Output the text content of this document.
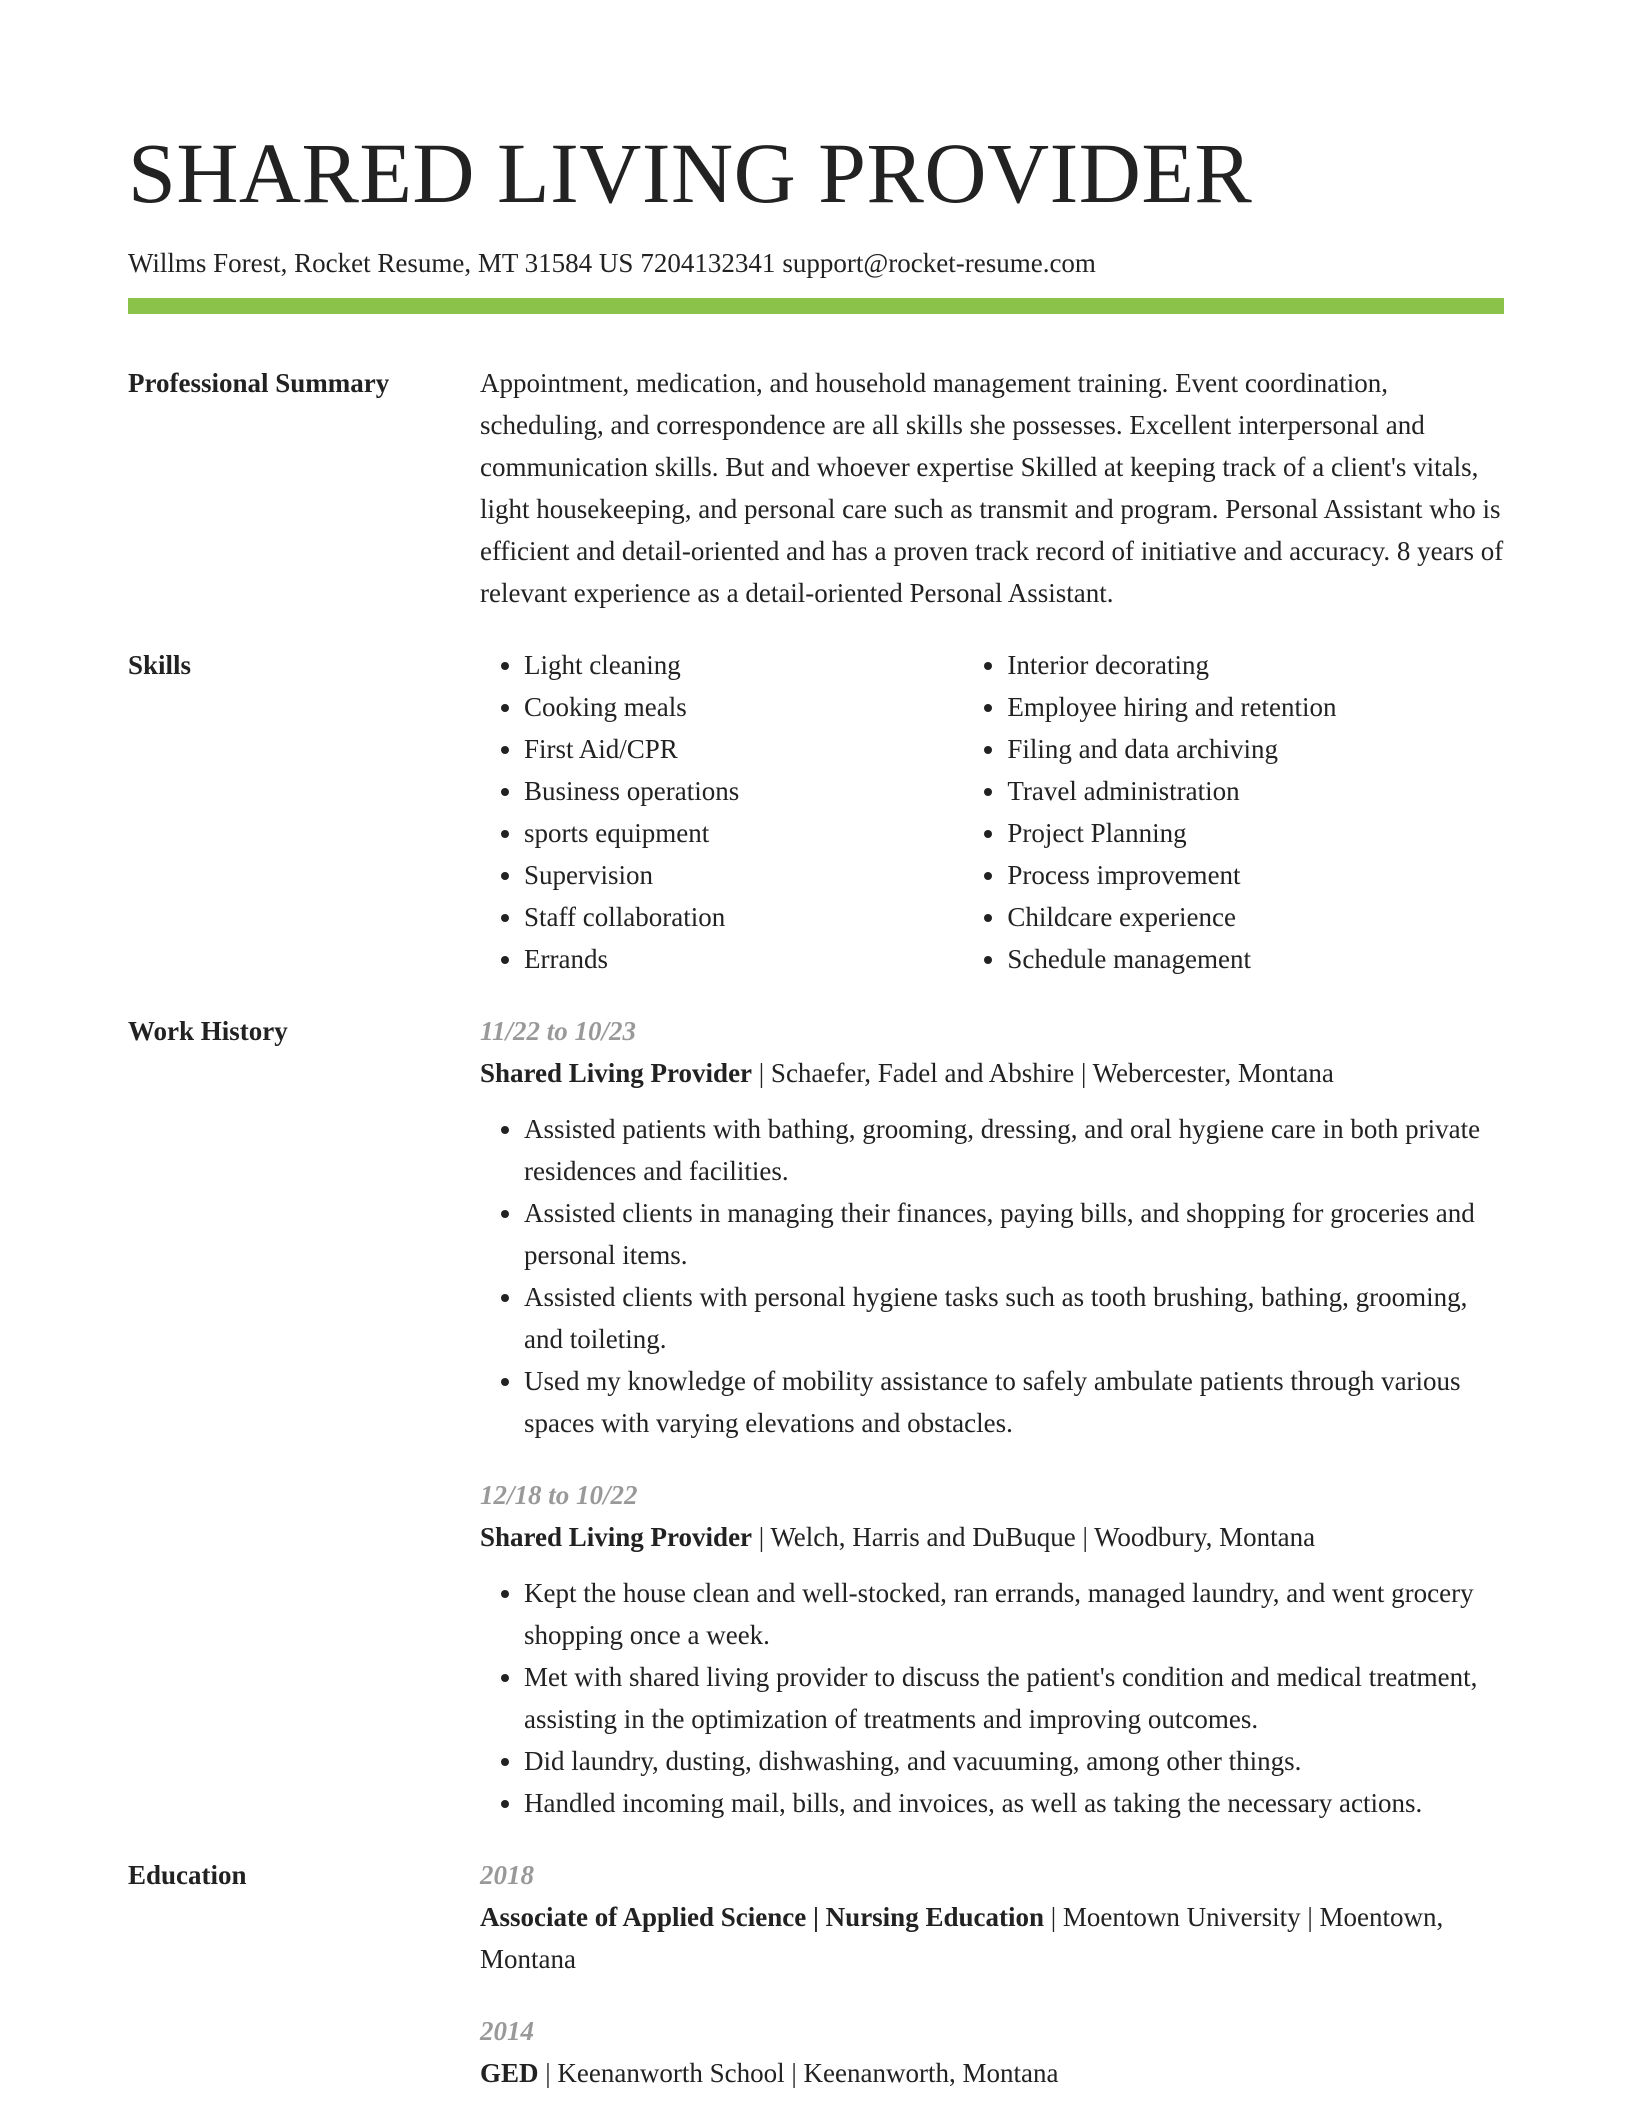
SHARED LIVING PROVIDER
Willms Forest, Rocket Resume, MT 31584 US 7204132341 support@rocket-resume.com
Professional Summary	Appointment, medication, and household management training. Event coordination, scheduling, and correspondence are all skills she possesses. Excellent interpersonal and communication skills. But and whoever expertise Skilled at keeping track of a client's vitals, light housekeeping, and personal care such as transmit and program. Personal Assistant who is efficient and detail-oriented and has a proven track record of initiative and accuracy. 8 years of relevant experience as a detail-oriented Personal Assistant.

Skills
•	Light cleaning
• Cooking meals
• First Aid/CPR
• Business operations
• sports equipment
• Supervision
• Staff collaboration
• Errands
• Interior decorating
• Employee hiring and retention
• Filing and data archiving
• Travel administration
• Project Planning
• Process improvement
• Childcare experience
• Schedule management
Work History	11/22 to 10/23
Shared Living Provider | Schaefer, Fadel and Abshire | Webercester, Montana
• Assisted patients with bathing, grooming, dressing, and oral hygiene care in both private residences and facilities.
• Assisted clients in managing their finances, paying bills, and shopping for groceries and personal items.
• Assisted clients with personal hygiene tasks such as tooth brushing, bathing, grooming, and toileting.
• Used my knowledge of mobility assistance to safely ambulate patients through various spaces with varying elevations and obstacles.
12/18 to 10/22
Shared Living Provider | Welch, Harris and DuBuque | Woodbury, Montana
• Kept the house clean and well-stocked, ran errands, managed laundry, and went grocery shopping once a week.
• Met with shared living provider to discuss the patient's condition and medical treatment, assisting in the optimization of treatments and improving outcomes.
• Did laundry, dusting, dishwashing, and vacuuming, among other things.
• Handled incoming mail, bills, and invoices, as well as taking the necessary actions.
Education	2018
Associate of Applied Science | Nursing Education | Moentown University | Moentown, Montana
2014
GED | Keenanworth School | Keenanworth, Montana
